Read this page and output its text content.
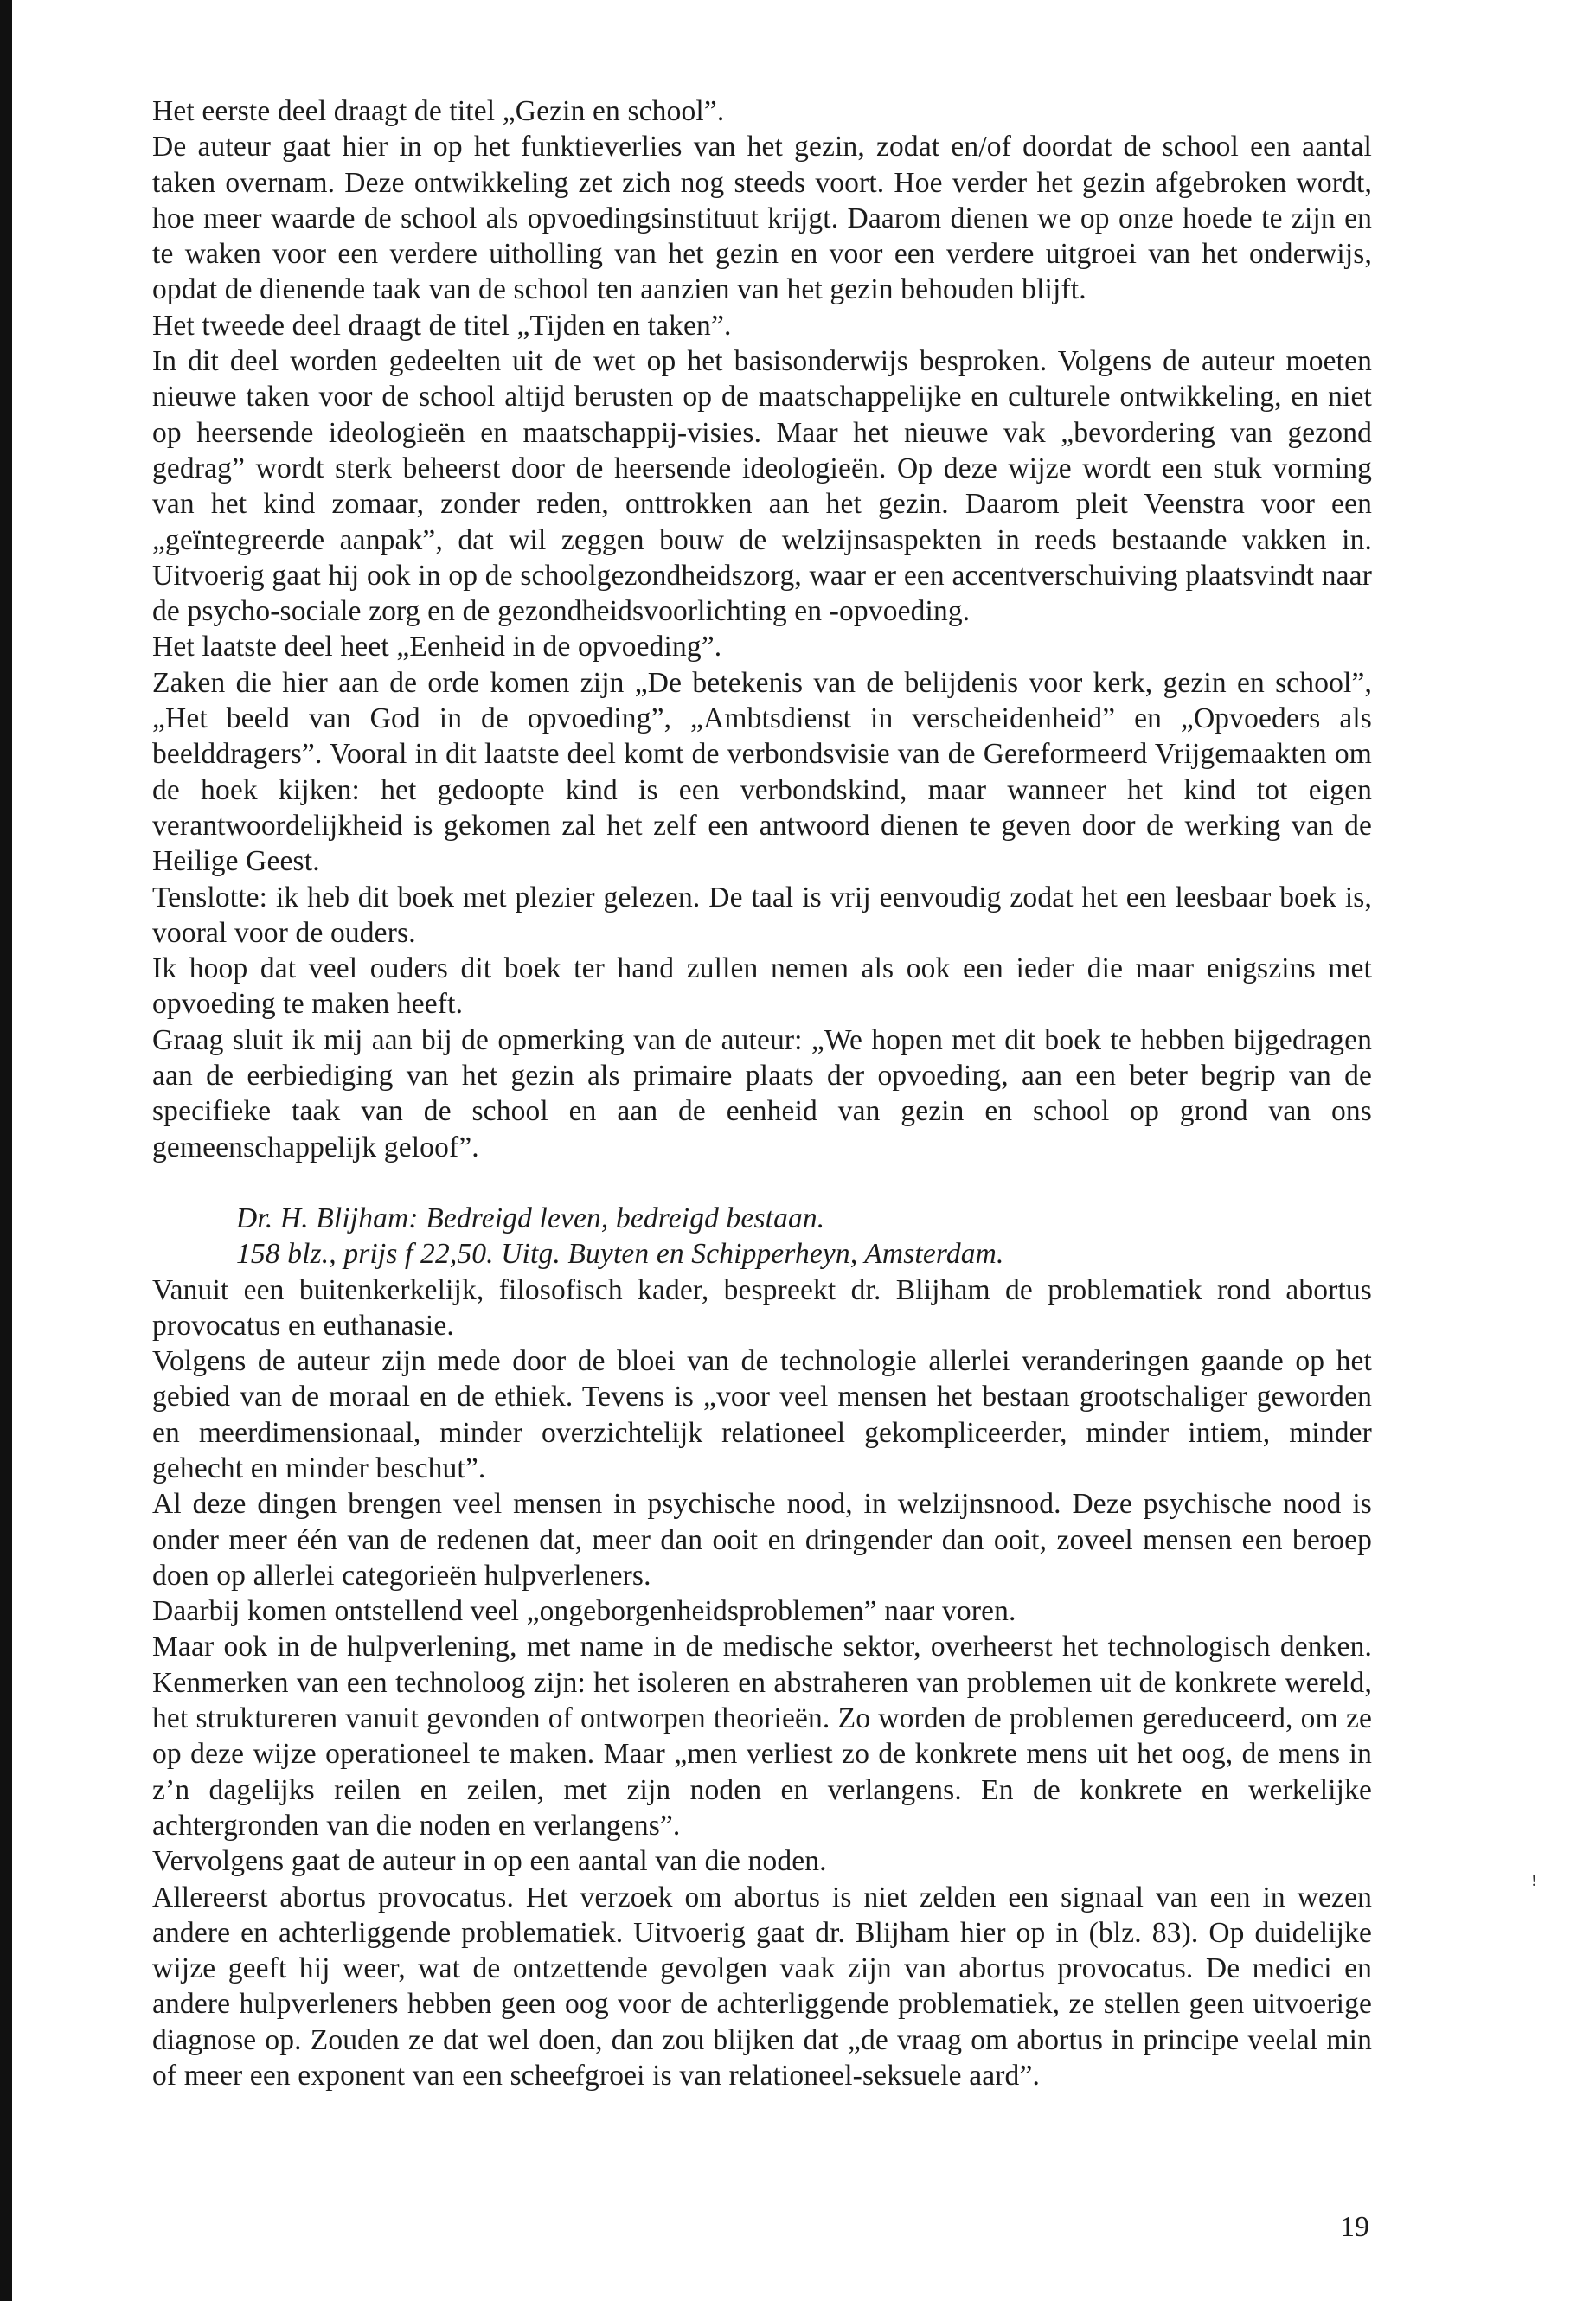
Het eerste deel draagt de titel „Gezin en school”.

De auteur gaat hier in op het funktieverlies van het gezin, zodat en/of doordat de school een aantal taken overnam. Deze ontwikkeling zet zich nog steeds voort. Hoe verder het gezin afgebroken wordt, hoe meer waarde de school als opvoedingsinstituut krijgt. Daarom dienen we op onze hoede te zijn en te waken voor een verdere uitholling van het gezin en voor een verdere uitgroei van het onderwijs, opdat de dienende taak van de school ten aanzien van het gezin behouden blijft.

Het tweede deel draagt de titel „Tijden en taken”.

In dit deel worden gedeelten uit de wet op het basisonderwijs besproken. Volgens de auteur moeten nieuwe taken voor de school altijd berusten op de maatschappelijke en culturele ontwikkeling, en niet op heersende ideologieën en maatschappij-visies. Maar het nieuwe vak „bevordering van gezond gedrag” wordt sterk beheerst door de heersende ideologieën. Op deze wijze wordt een stuk vorming van het kind zomaar, zonder reden, onttrokken aan het gezin. Daarom pleit Veenstra voor een „geïntegreerde aanpak”, dat wil zeggen bouw de welzijnsaspekten in reeds bestaande vakken in. Uitvoerig gaat hij ook in op de schoolgezondheidszorg, waar er een accentverschuiving plaatsvindt naar de psycho-sociale zorg en de gezondheidsvoorlichting en -opvoeding.

Het laatste deel heet „Eenheid in de opvoeding”.

Zaken die hier aan de orde komen zijn „De betekenis van de belijdenis voor kerk, gezin en school”, „Het beeld van God in de opvoeding”, „Ambtsdienst in verscheidenheid” en „Opvoeders als beelddragers”. Vooral in dit laatste deel komt de verbondsvisie van de Gereformeerd Vrijgemaakten om de hoek kijken: het gedoopte kind is een verbondskind, maar wanneer het kind tot eigen verantwoordelijkheid is gekomen zal het zelf een antwoord dienen te geven door de werking van de Heilige Geest.

Tenslotte: ik heb dit boek met plezier gelezen. De taal is vrij eenvoudig zodat het een leesbaar boek is, vooral voor de ouders.

Ik hoop dat veel ouders dit boek ter hand zullen nemen als ook een ieder die maar enigszins met opvoeding te maken heeft.

Graag sluit ik mij aan bij de opmerking van de auteur: „We hopen met dit boek te hebben bijgedragen aan de eerbiediging van het gezin als primaire plaats der opvoeding, aan een beter begrip van de specifieke taak van de school en aan de eenheid van gezin en school op grond van ons gemeenschappelijk geloof”.

Dr. H. Blijham: Bedreigd leven, bedreigd bestaan.
158 blz., prijs f 22,50. Uitg. Buyten en Schipperheyn, Amsterdam.

Vanuit een buitenkerkelijk, filosofisch kader, bespreekt dr. Blijham de problematiek rond abortus provocatus en euthanasie.

Volgens de auteur zijn mede door de bloei van de technologie allerlei veranderingen gaande op het gebied van de moraal en de ethiek. Tevens is „voor veel mensen het bestaan grootschaliger geworden en meerdimensionaal, minder overzichtelijk relationeel gekompliceerder, minder intiem, minder gehecht en minder beschut”.

Al deze dingen brengen veel mensen in psychische nood, in welzijnsnood. Deze psychische nood is onder meer één van de redenen dat, meer dan ooit en dringender dan ooit, zoveel mensen een beroep doen op allerlei categorieën hulpverleners.

Daarbij komen ontstellend veel „ongeborgenheidsproblemen” naar voren.

Maar ook in de hulpverlening, met name in de medische sektor, overheerst het technologisch denken. Kenmerken van een technoloog zijn: het isoleren en abstraheren van problemen uit de konkrete wereld, het struktureren vanuit gevonden of ontworpen theorieën. Zo worden de problemen gereduceerd, om ze op deze wijze operationeel te maken. Maar „men verliest zo de konkrete mens uit het oog, de mens in z’n dagelijks reilen en zeilen, met zijn noden en verlangens. En de konkrete en werkelijke achtergronden van die noden en verlangens”.

Vervolgens gaat de auteur in op een aantal van die noden.

Allereerst abortus provocatus. Het verzoek om abortus is niet zelden een signaal van een in wezen andere en achterliggende problematiek. Uitvoerig gaat dr. Blijham hier op in (blz. 83). Op duidelijke wijze geeft hij weer, wat de ontzettende gevolgen vaak zijn van abortus provocatus. De medici en andere hulpverleners hebben geen oog voor de achterliggende problematiek, ze stellen geen uitvoerige diagnose op. Zouden ze dat wel doen, dan zou blijken dat „de vraag om abortus in principe veelal min of meer een exponent van een scheefgroei is van relationeel-seksuele aard”.

!
19
